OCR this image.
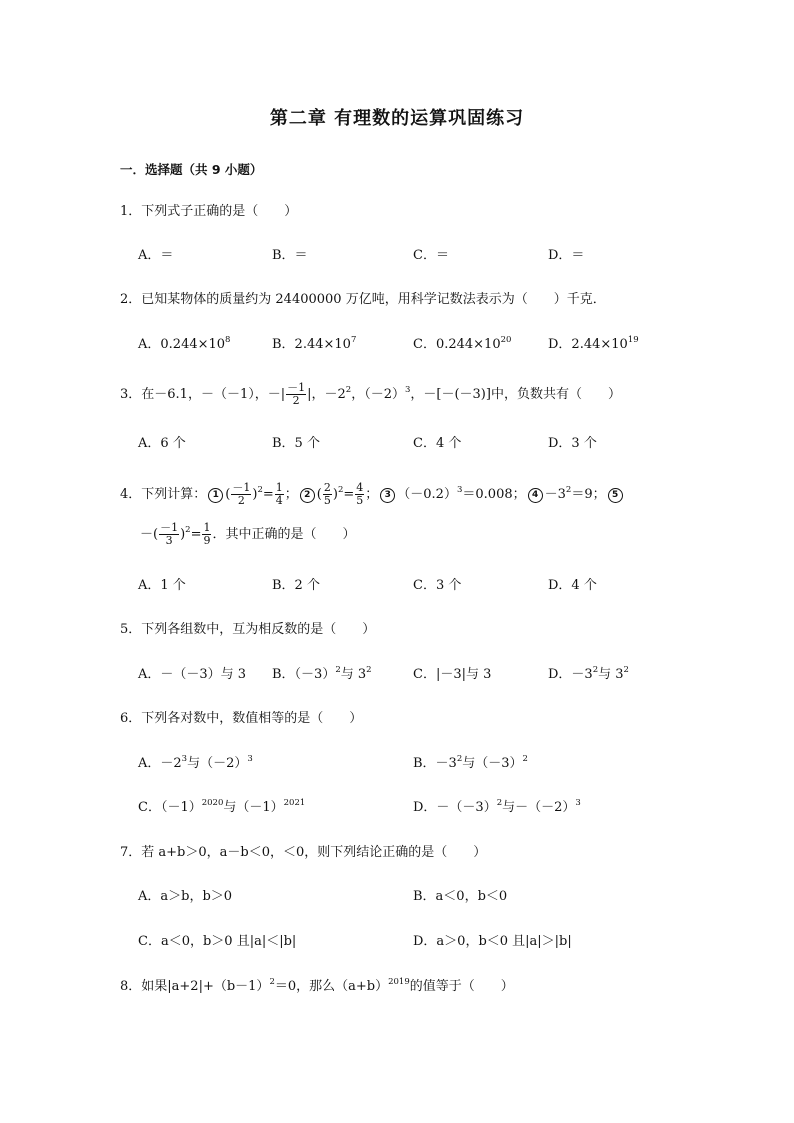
第二章 有理数的运算巩固练习
一．选择题（共 9 小题）
1．下列式子正确的是（　　）
A．＝	B．＝	C．＝	D．＝
2．已知某物体的质量约为 24400000 万亿吨，用科学记数法表示为（　　）千克．
A．$0.244\times 10^8$	B．$2.44\times 10^7$	C．$0.244\times 10^{20}$	D．$2.44\times 10^{19}$
3．在－6.1，－（－1），－| $\frac{-1}{2}$ |，$-2^2$，$(-2)^3$，－[－(－3)]中，负数共有（　　）
A．6 个	B．5 个	C．4 个	D．3 个
4．下列计算： 1 ( $\frac{-1}{2} )^2= \frac{1}{4}$ ； 2 ( $\frac{2}{5} )^2= \frac{4}{5}$ ； 3 $(-0.2)^3=0.008$； $4 -3^2=9$； 5
－( $\frac{-1}{3} )^2= \frac{1}{9}$ ．其中正确的是（　　）
A．1 个	B．2 个	C．3 个	D．4 个
5．下列各组数中，互为相反数的是（　　）
A．－（－3）与 3 B．$(-3)^2$与 $3^2$	C．|－3|与 3	D．$-3^2$与 $3^2$
6．下列各对数中，数值相等的是（　　）
A．$-2^3$与$(-2)^3$	B．$-3^2$与$(-3)^2$
C．$(-1)^{2020}$与$(-1)^{2021}$	D．$-(-3)^2$与$-(-2)^3$
7．若 a+b＞0，a－b＜0，＜0，则下列结论正确的是（　　）
A．a＞b，b＞0	B．a＜0，b＜0
C．a＜0，b＞0 且|a|＜|b|	D．a＞0，b＜0 且|a|＞|b|
8．如果$|a+2|+(b-1)^2=0$，那么$(a+b)^{2019}$的值等于（　　）
